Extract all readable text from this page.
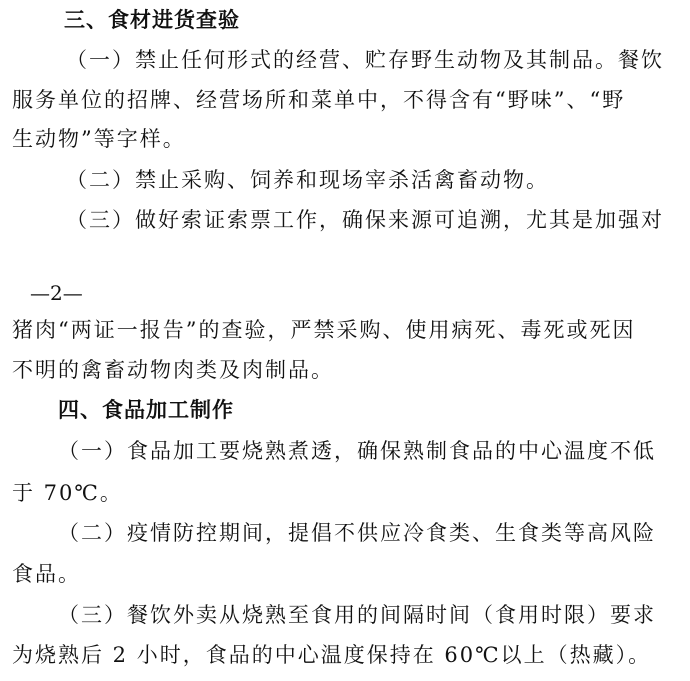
三、食材进货查验
（一）禁止任何形式的经营、贮存野生动物及其制品。餐饮
服务单位的招牌、经营场所和菜单中，不得含有“野味”、“野
生动物”等字样。
（二）禁止采购、饲养和现场宰杀活禽畜动物。
（三）做好索证索票工作，确保来源可追溯，尤其是加强对
—2—
猪肉“两证一报告”的查验，严禁采购、使用病死、毒死或死因
不明的禽畜动物肉类及肉制品。
四、食品加工制作
（一）食品加工要烧熟煮透，确保熟制食品的中心温度不低
于 70℃。
（二）疫情防控期间，提倡不供应冷食类、生食类等高风险
食品。
（三）餐饮外卖从烧熟至食用的间隔时间（食用时限）要求
为烧熟后 2 小时，食品的中心温度保持在 60℃以上（热藏）。
